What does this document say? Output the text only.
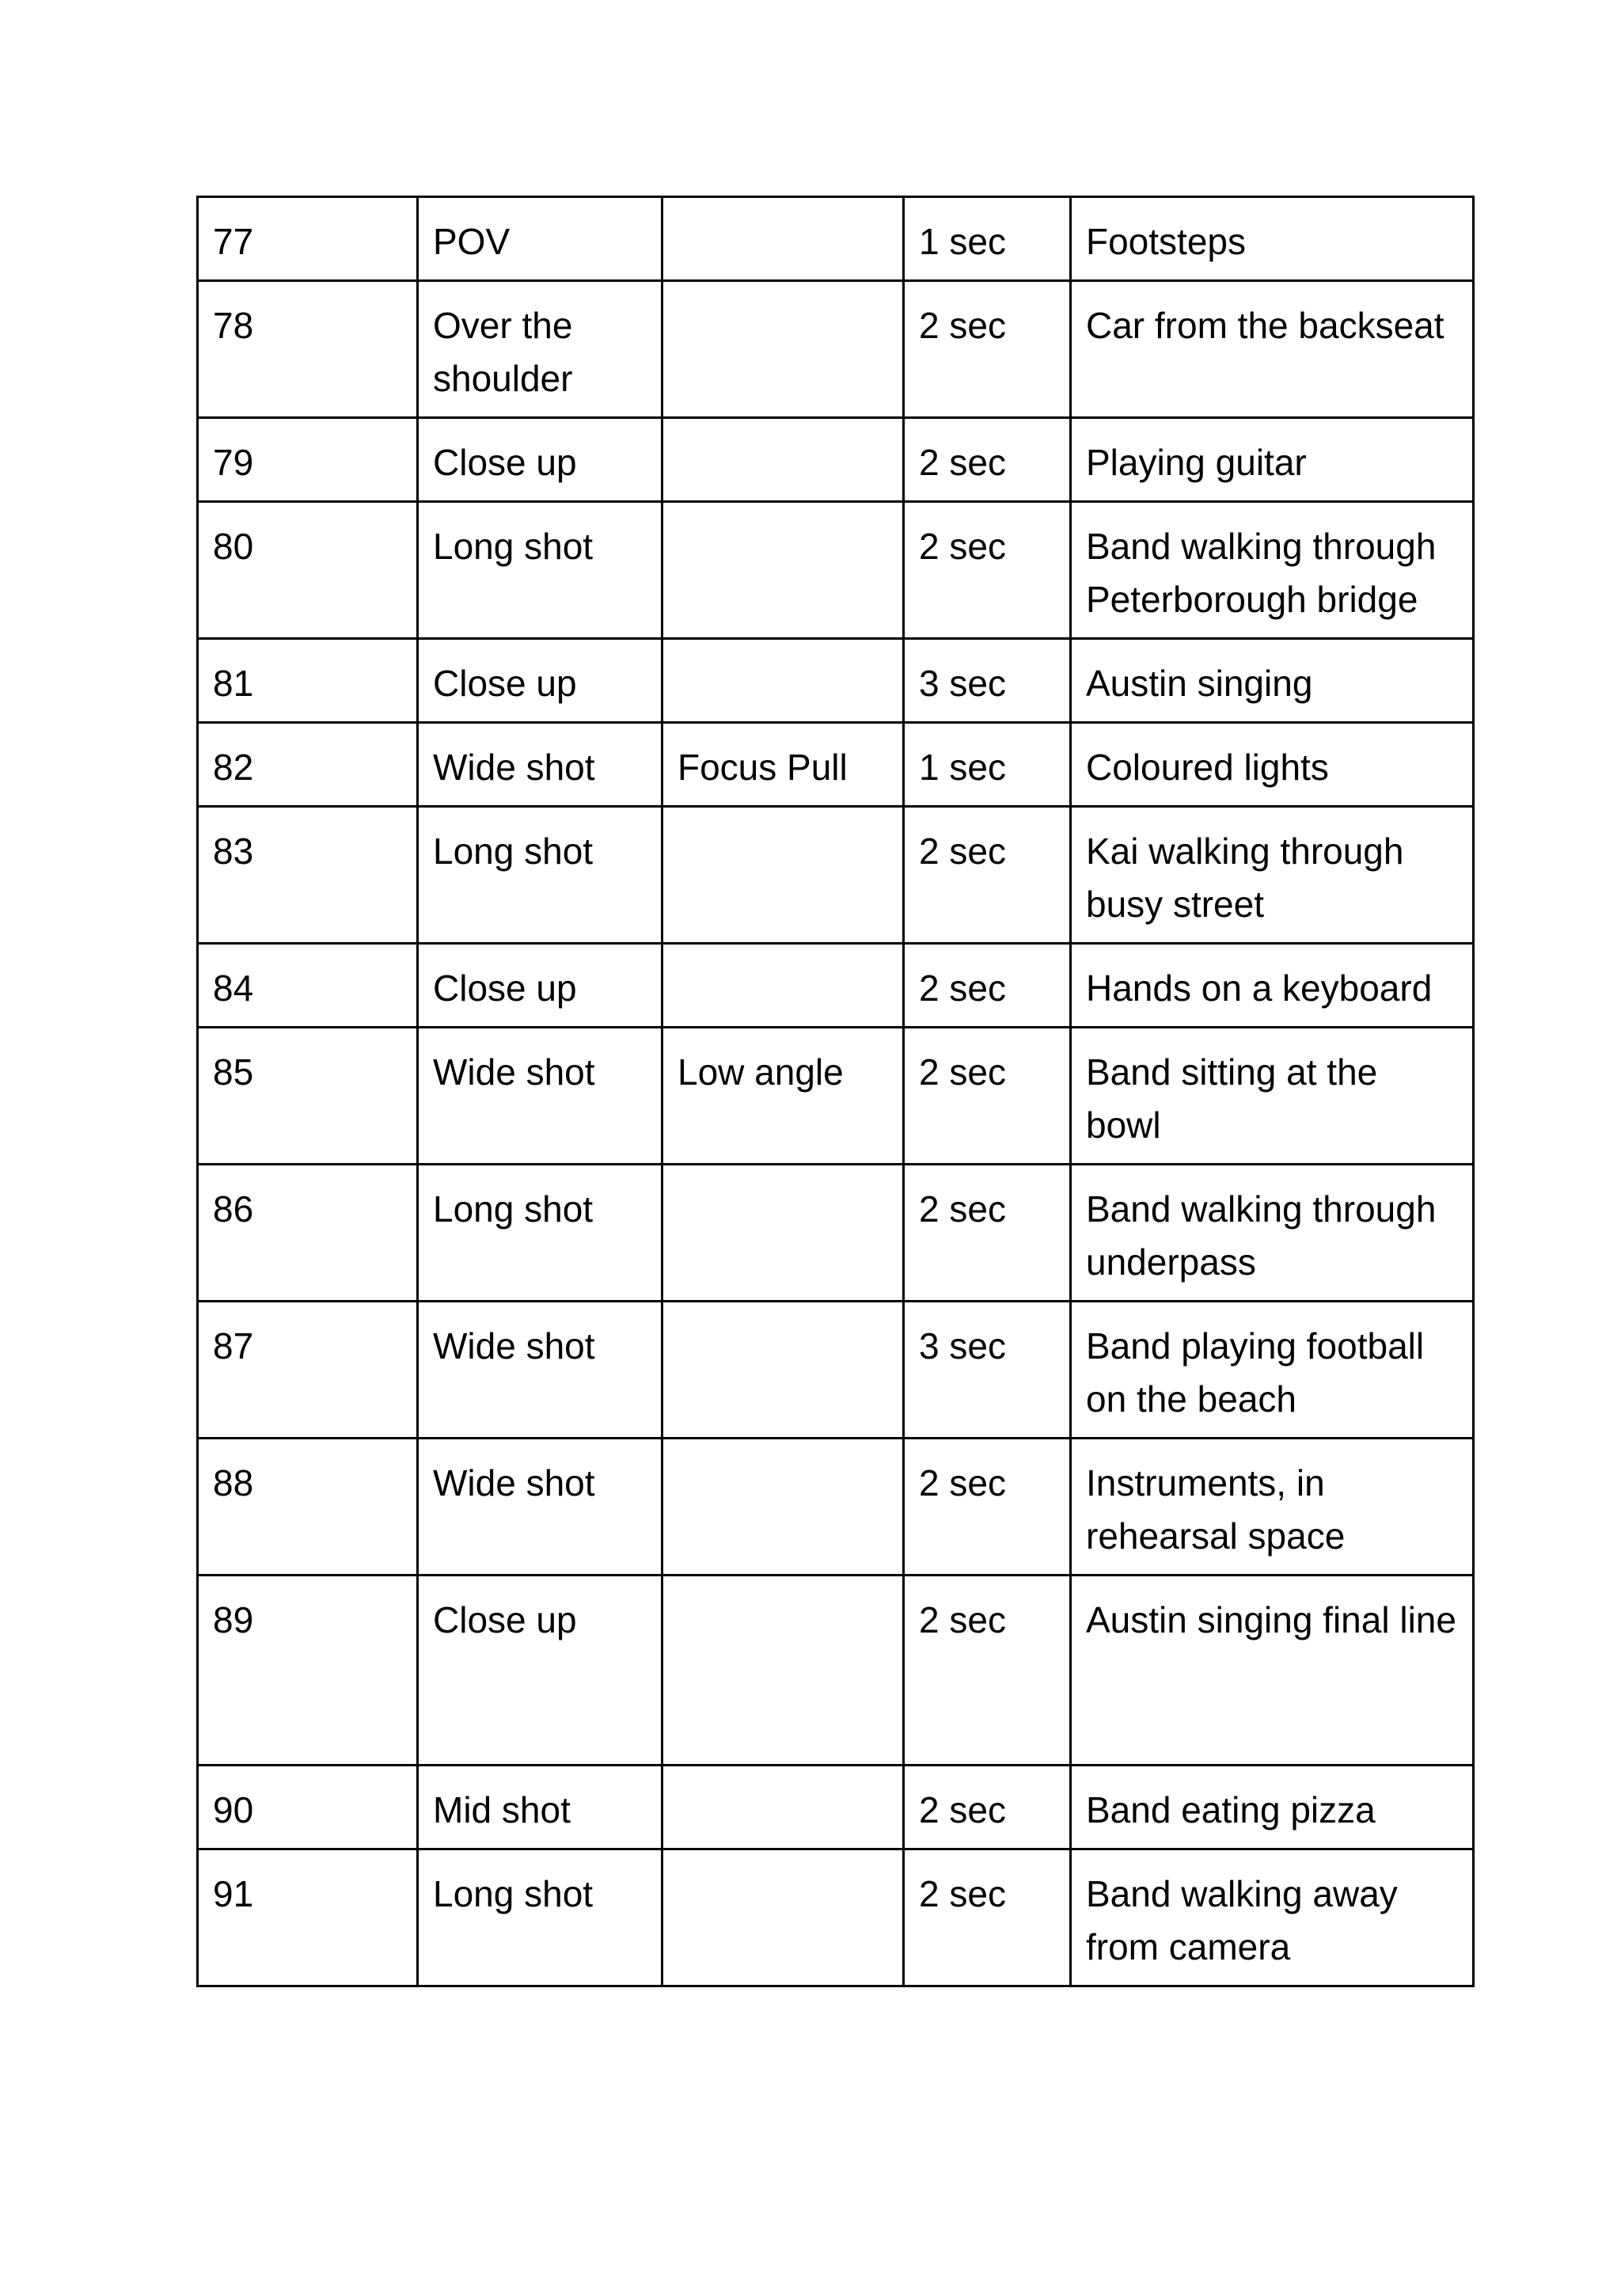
77	POV		1 sec	Footsteps
78	Over the shoulder		2 sec	Car from the backseat
79	Close up		2 sec	Playing guitar
80	Long shot		2 sec	Band walking through Peterborough bridge
81	Close up		3 sec	Austin singing
82	Wide shot	Focus Pull	1 sec	Coloured lights
83	Long shot		2 sec	Kai walking through busy street
84	Close up		2 sec	Hands on a keyboard
85	Wide shot	Low angle	2 sec	Band sitting at the bowl
86	Long shot		2 sec	Band walking through underpass
87	Wide shot		3 sec	Band playing football on the beach
88	Wide shot		2 sec	Instruments, in rehearsal space
89	Close up		2 sec	Austin singing final line
90	Mid shot		2 sec	Band eating pizza
91	Long shot		2 sec	Band walking away from camera
